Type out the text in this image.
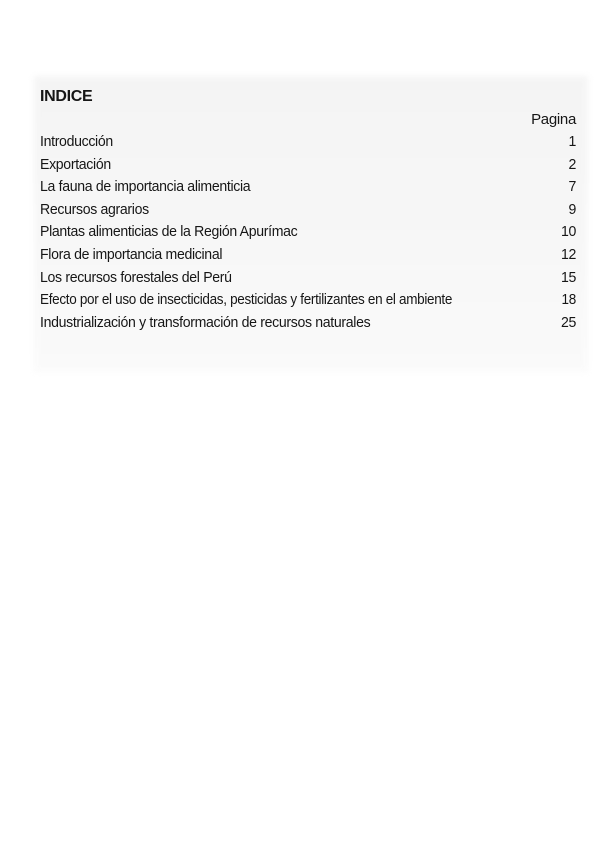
INDICE
Pagina
Introducción	1
Exportación	2
La fauna de importancia alimenticia	7
Recursos agrarios	9
Plantas alimenticias de la Región Apurímac	10
Flora de importancia medicinal	12
Los recursos forestales del Perú	15
Efecto por el uso de insecticidas, pesticidas y fertilizantes en el ambiente	18
Industrialización y transformación de recursos naturales	25
